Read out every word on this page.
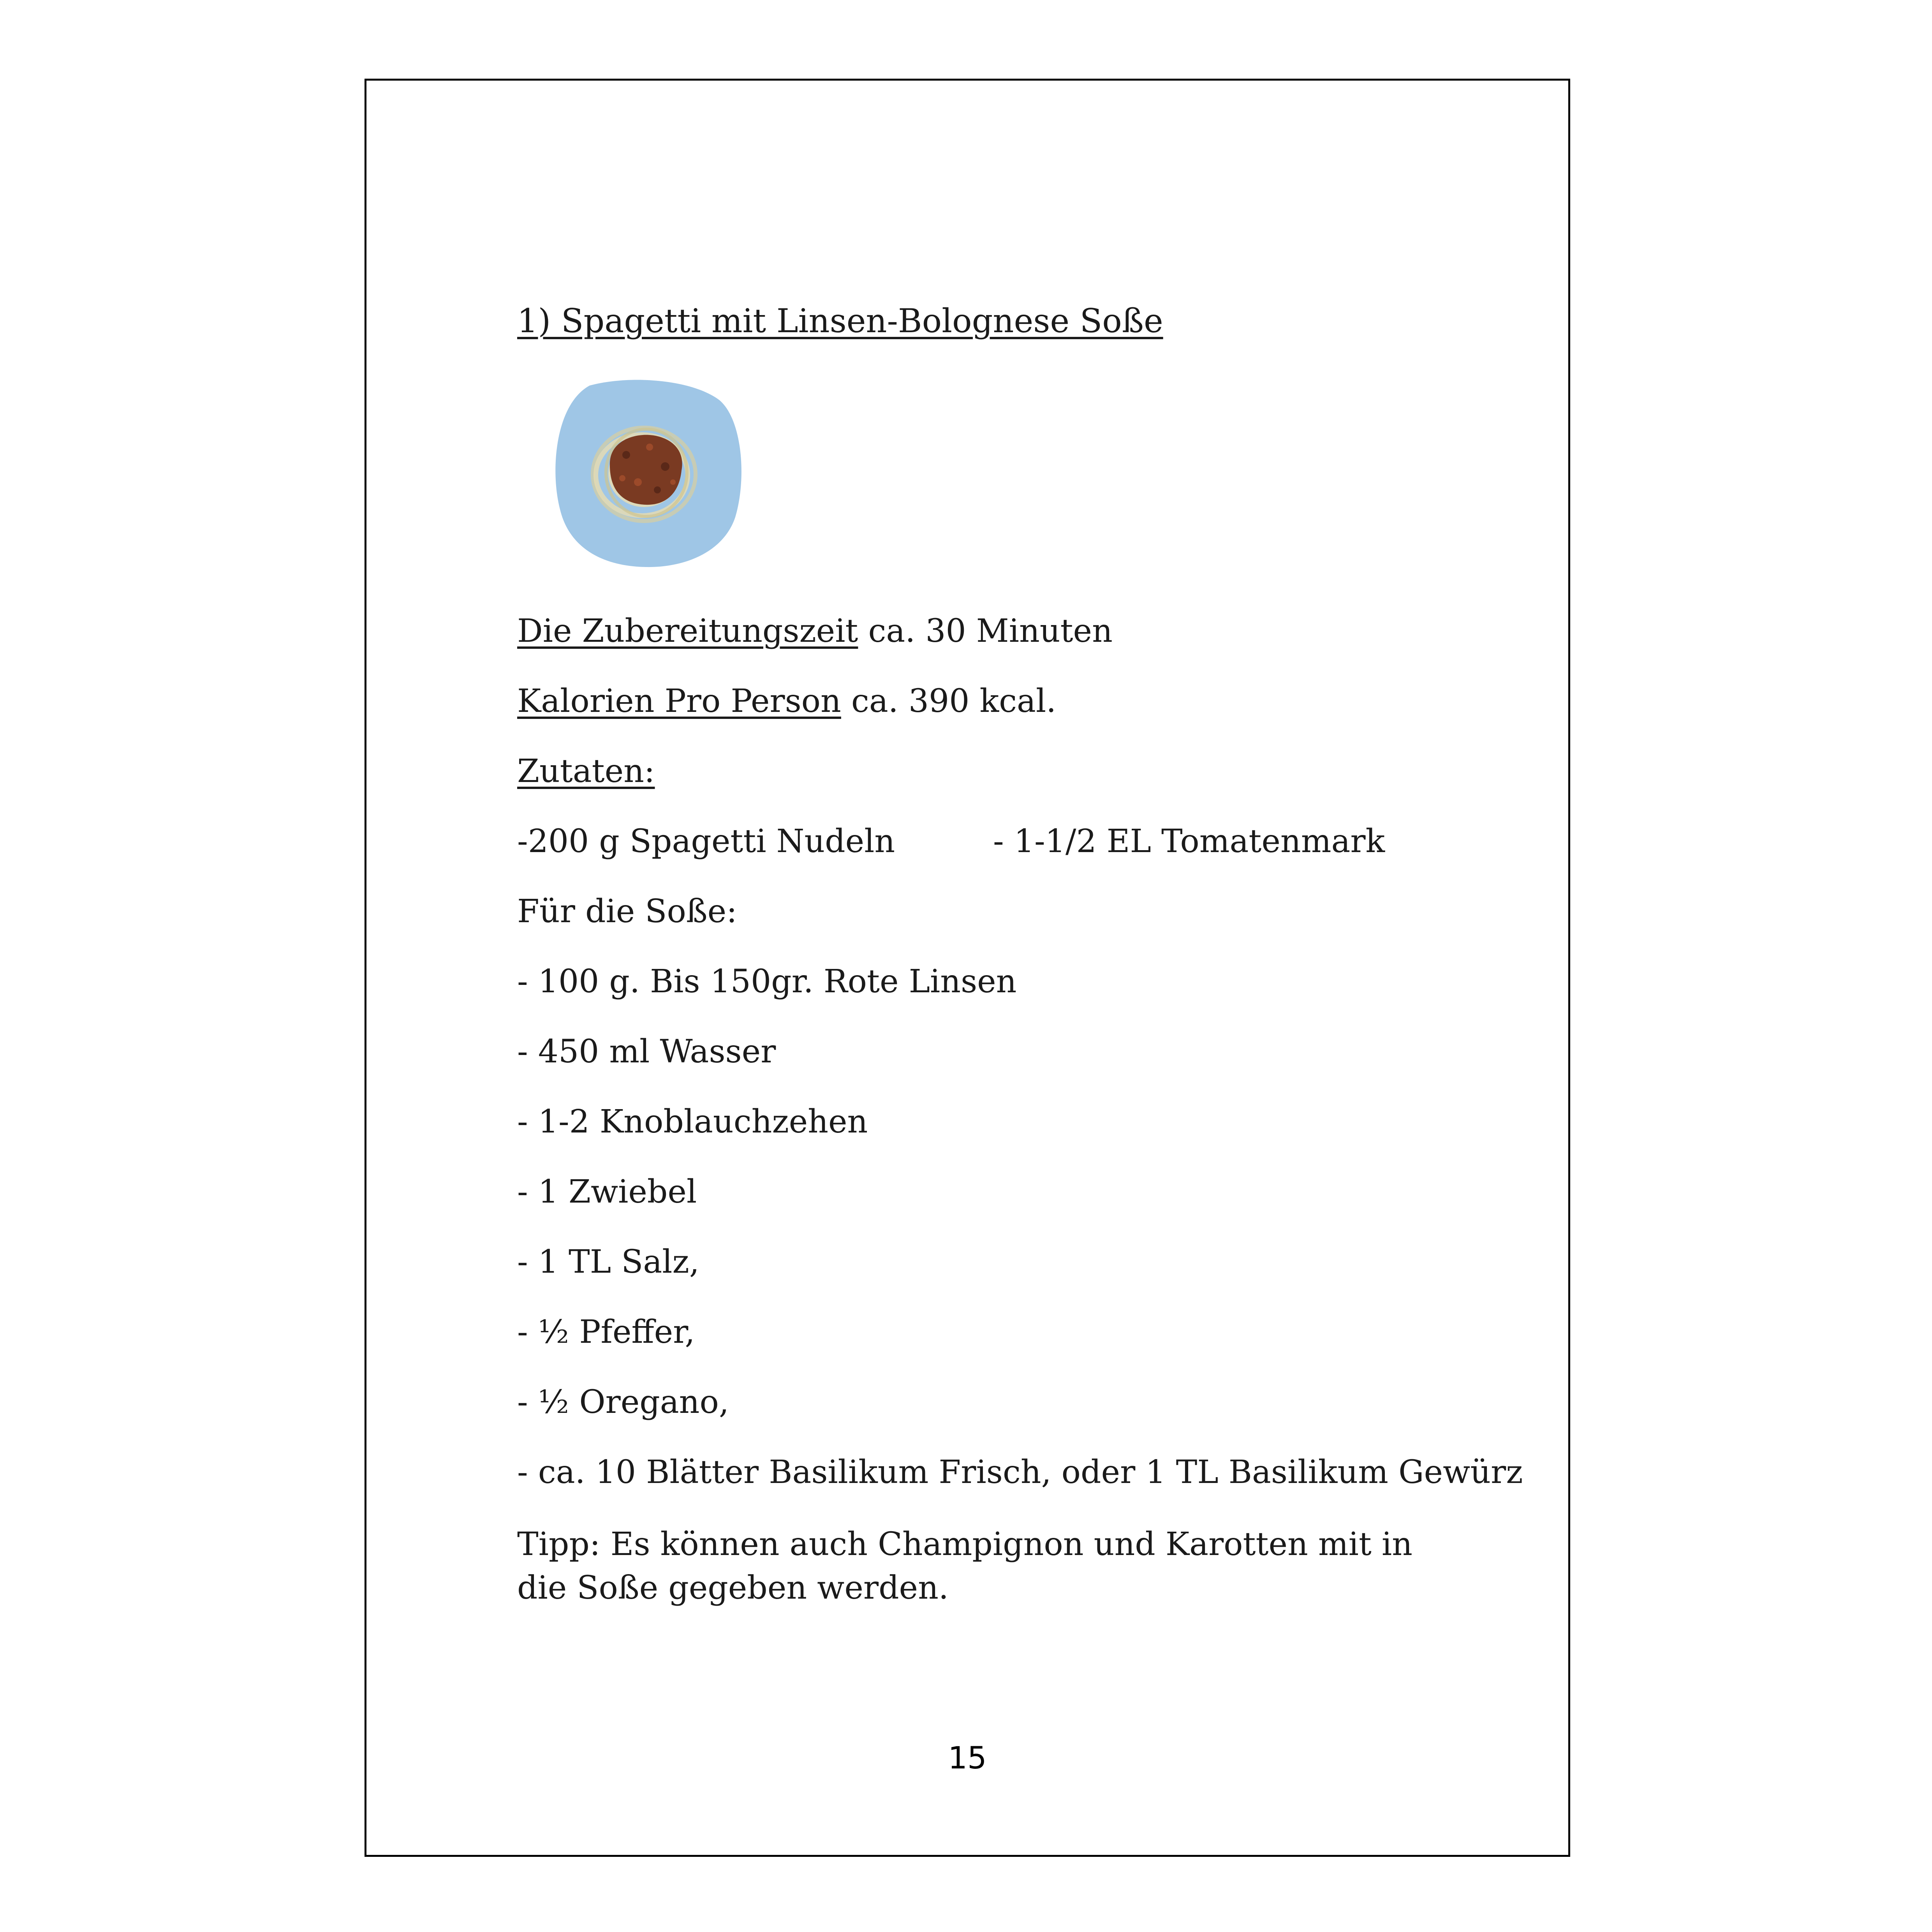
1) Spagetti mit Linsen-Bolognese Soße
Die Zubereitungszeit ca. 30 Minuten
Kalorien Pro Person ca. 390 kcal.
Zutaten:
-200 g Spagetti Nudeln	- 1-1/2 EL Tomatenmark
Für die Soße:
- 100 g. Bis 150gr. Rote Linsen
- 450 ml Wasser
- 1-2 Knoblauchzehen
- 1 Zwiebel
- 1 TL Salz,
- ½ Pfeffer,
- ½ Oregano,
- ca. 10 Blätter Basilikum Frisch, oder 1 TL Basilikum Gewürz
Tipp: Es können auch Champignon und Karotten mit in die Soße gegeben werden.
15
